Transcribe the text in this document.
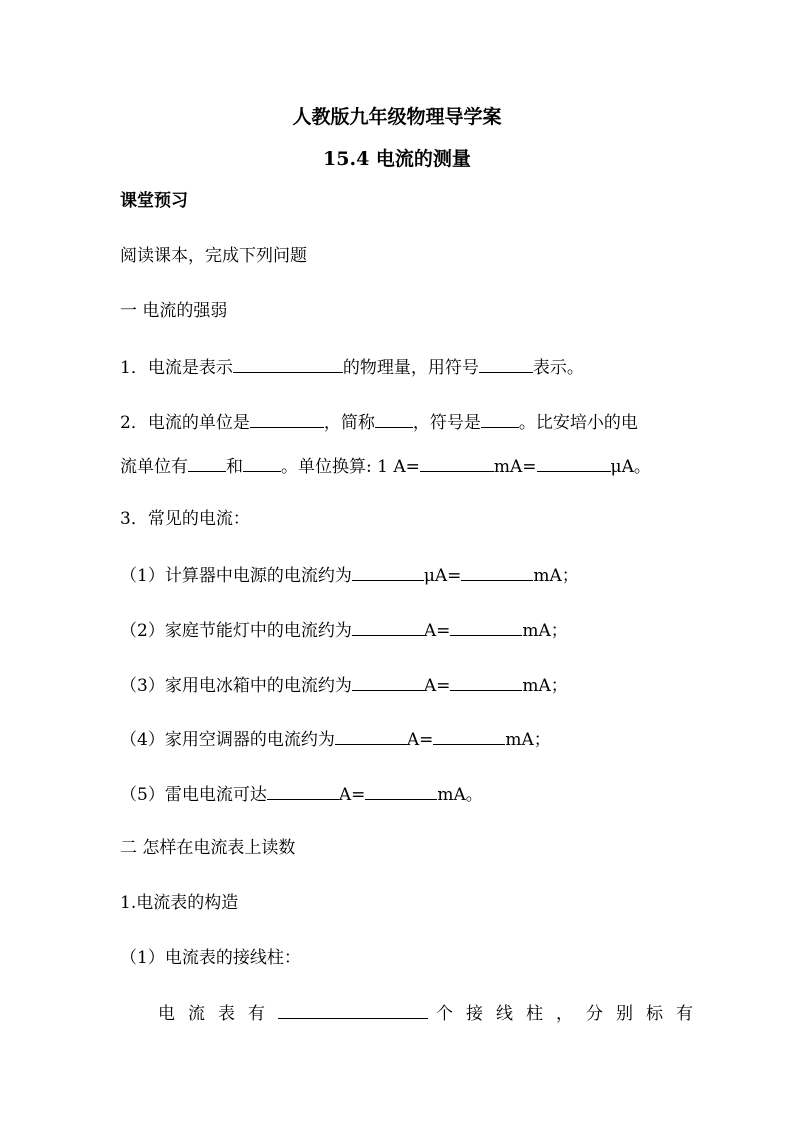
人教版九年级物理导学案
15.4 电流的测量
课堂预习
阅读课本，完成下列问题
一 电流的强弱
1．电流是表示	的物理量，用符号	表示。
2．电流的单位是	，简称 ，符号是 。比安培小的电
流单位有 和 。单位换算: 1 A=	mA=	μA。
3．常见的电流：
（1）计算器中电源的电流约为	μA=	mA；
（2）家庭节能灯中的电流约为	A=	mA；
（3）家用电冰箱中的电流约为	A=	mA；
（4）家用空调器的电流约为	A=	mA；
（5）雷电电流可达	A=	mA。
二 怎样在电流表上读数
1.电流表的构造
（1）电流表的接线柱：
电流表有	个接线柱，分别标有
